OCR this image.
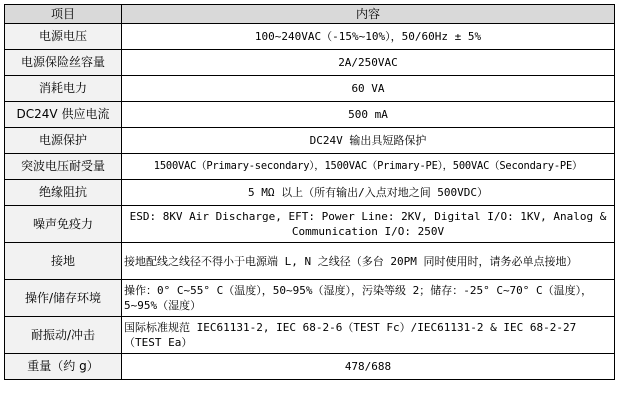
项目	内容
电源电压	100~240VAC（-15%~10%），50/60Hz ± 5%
电源保险丝容量	2A/250VAC
消耗电力	60 VA
DC24V 供应电流	500 mA
电源保护	DC24V 输出具短路保护
突波电压耐受量	1500VAC（Primary-secondary），1500VAC（Primary-PE），500VAC（Secondary-PE）
绝缘阻抗	5 MΩ 以上（所有输出/入点对地之间 500VDC）
噪声免疫力	ESD: 8KV Air Discharge, EFT: Power Line: 2KV, Digital I/O: 1KV, Analog & Communication I/O: 250V
接地	接地配线之线径不得小于电源端 L, N 之线径（多台 20PM 同时使用时，请务必单点接地）
操作/储存环境	操作：0° C~55° C（温度），50~95%（湿度），污染等级 2；储存：-25° C~70° C（温度），5~95%（湿度）
耐振动/冲击	国际标准规范 IEC61131-2, IEC 68-2-6（TEST Fc）/IEC61131-2 & IEC 68-2-27（TEST Ea）
重量（约 g）	478/688
